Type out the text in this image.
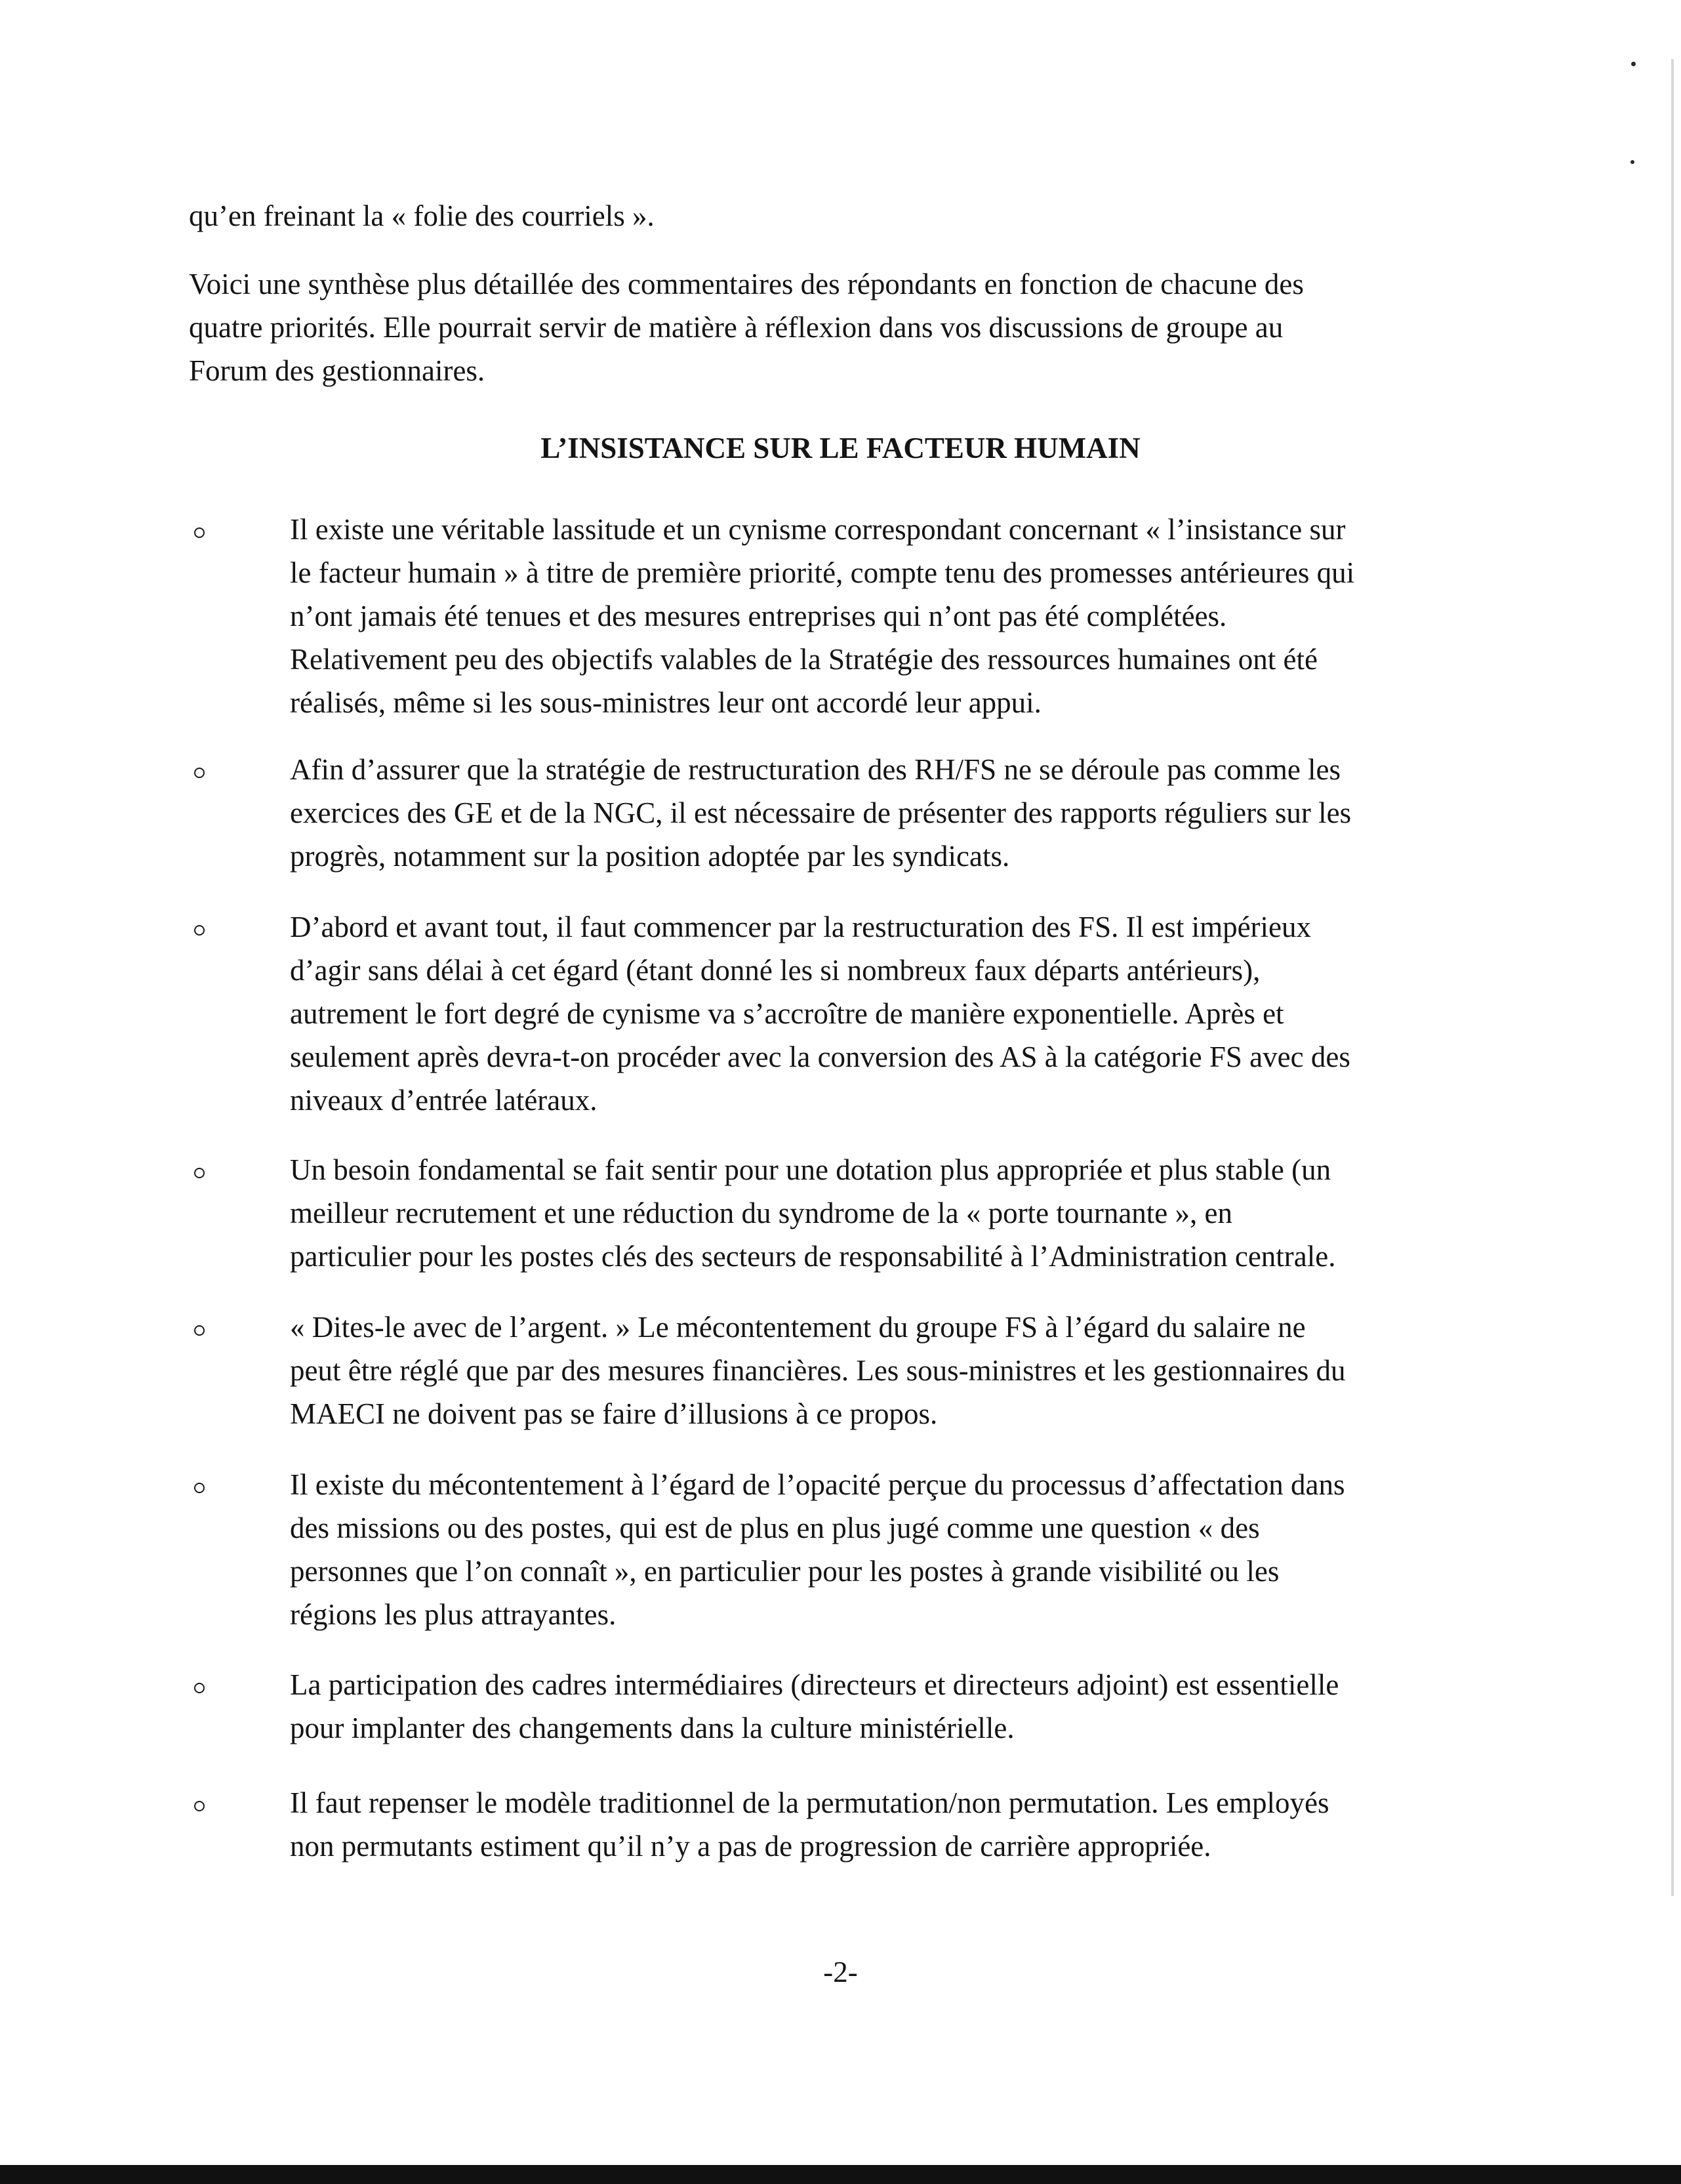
qu’en freinant la « folie des courriels ».

Voici une synthèse plus détaillée des commentaires des répondants en fonction de chacune des
quatre priorités. Elle pourrait servir de matière à réflexion dans vos discussions de groupe au
Forum des gestionnaires.

L’INSISTANCE SUR LE FACTEUR HUMAIN

Il existe une véritable lassitude et un cynisme correspondant concernant « l’insistance sur
le facteur humain » à titre de première priorité, compte tenu des promesses antérieures qui
n’ont jamais été tenues et des mesures entreprises qui n’ont pas été complétées.
Relativement peu des objectifs valables de la Stratégie des ressources humaines ont été
réalisés, même si les sous-ministres leur ont accordé leur appui.

Afin d’assurer que la stratégie de restructuration des RH/FS ne se déroule pas comme les
exercices des GE et de la NGC, il est nécessaire de présenter des rapports réguliers sur les
progrès, notamment sur la position adoptée par les syndicats.

D’abord et avant tout, il faut commencer par la restructuration des FS. Il est impérieux
d’agir sans délai à cet égard (étant donné les si nombreux faux départs antérieurs),
autrement le fort degré de cynisme va s’accroître de manière exponentielle. Après et
seulement après devra-t-on procéder avec la conversion des AS à la catégorie FS avec des
niveaux d’entrée latéraux.

Un besoin fondamental se fait sentir pour une dotation plus appropriée et plus stable (un
meilleur recrutement et une réduction du syndrome de la « porte tournante », en
particulier pour les postes clés des secteurs de responsabilité à l’Administration centrale.

« Dites-le avec de l’argent. » Le mécontentement du groupe FS à l’égard du salaire ne
peut être réglé que par des mesures financières. Les sous-ministres et les gestionnaires du
MAECI ne doivent pas se faire d’illusions à ce propos.

Il existe du mécontentement à l’égard de l’opacité perçue du processus d’affectation dans
des missions ou des postes, qui est de plus en plus jugé comme une question « des
personnes que l’on connaît », en particulier pour les postes à grande visibilité ou les
régions les plus attrayantes.

La participation des cadres intermédiaires (directeurs et directeurs adjoint) est essentielle
pour implanter des changements dans la culture ministérielle.

Il faut repenser le modèle traditionnel de la permutation/non permutation. Les employés
non permutants estiment qu’il n’y a pas de progression de carrière appropriée.

-2-
